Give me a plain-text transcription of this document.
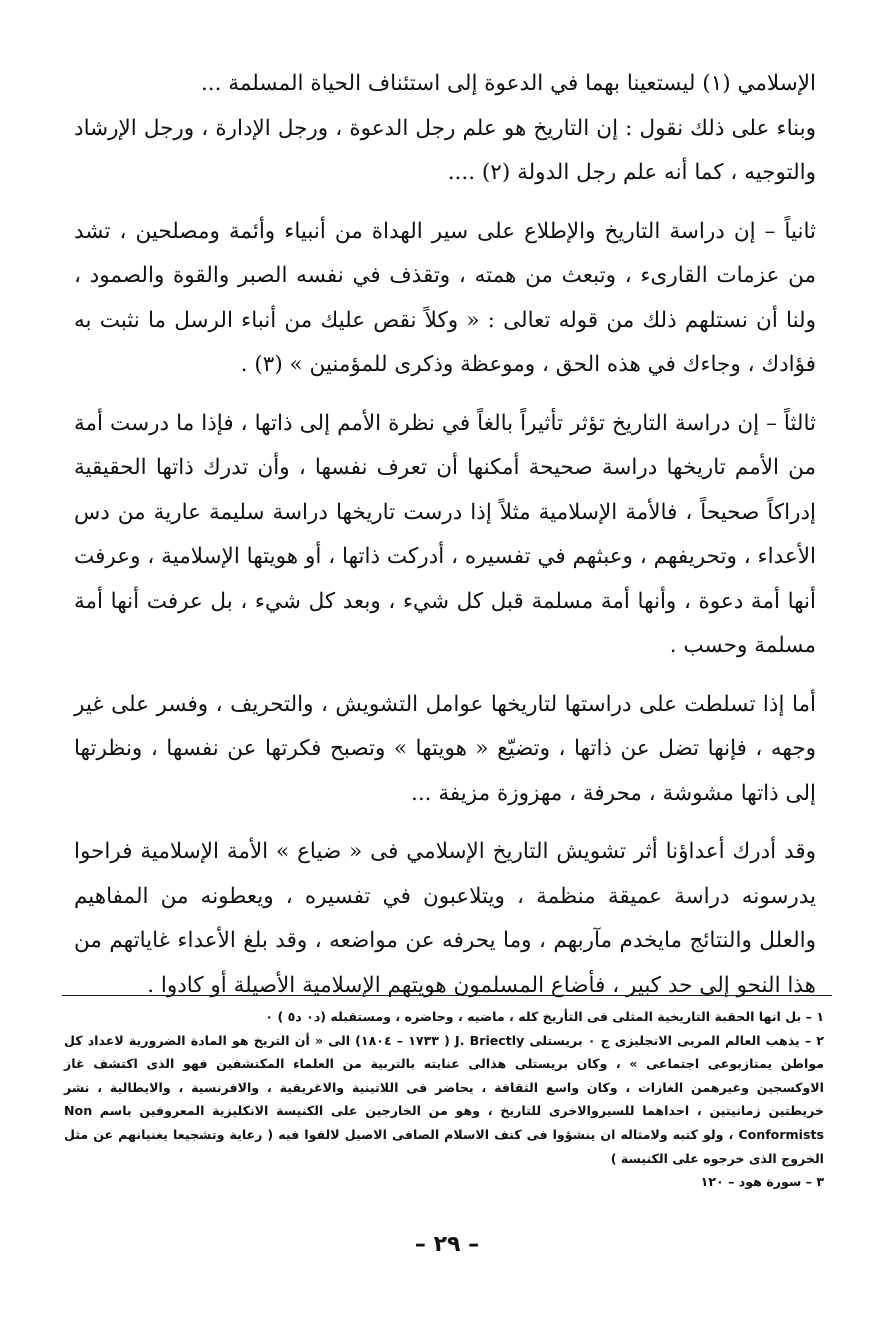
الإسلامي (١) ليستعينا بهما في الدعوة إلى استئناف الحياة المسلمة ...

وبناء على ذلك نقول : إن التاريخ هو علم رجل الدعوة ، ورجل الإدارة ، ورجل الإرشاد والتوجيه ، كما أنه علم رجل الدولة (٢) ....

ثانياً – إن دراسة التاريخ والإطلاع على سير الهداة من أنبياء وأئمة ومصلحين ، تشد من عزمات القارىء ، وتبعث من همته ، وتقذف في نفسه الصبر والقوة والصمود ، ولنا أن نستلهم ذلك من قوله تعالى : « وكلاً نقص عليك من أنباء الرسل ما نثبت به فؤادك ، وجاءك في هذه الحق ، وموعظة وذكرى للمؤمنين » (٣) .

ثالثاً – إن دراسة التاريخ تؤثر تأثيراً بالغاً في نظرة الأمم إلى ذاتها ، فإذا ما درست أمة من الأمم تاريخها دراسة صحيحة أمكنها أن تعرف نفسها ، وأن تدرك ذاتها الحقيقية إدراكاً صحيحاً ، فالأمة الإسلامية مثلاً إذا درست تاريخها دراسة سليمة عارية من دس الأعداء ، وتحريفهم ، وعبثهم في تفسيره ، أدركت ذاتها ، أو هويتها الإسلامية ، وعرفت أنها أمة دعوة ، وأنها أمة مسلمة قبل كل شيء ، وبعد كل شيء ، بل عرفت أنها أمة مسلمة وحسب .

أما إذا تسلطت على دراستها لتاريخها عوامل التشويش ، والتحريف ، وفسر على غير وجهه ، فإنها تضل عن ذاتها ، وتضيّع « هويتها » وتصبح فكرتها عن نفسها ، ونظرتها إلى ذاتها مشوشة ، محرفة ، مهزوزة مزيفة ...

وقد أدرك أعداؤنا أثر تشويش التاريخ الإسلامي فى « ضياع » الأمة الإسلامية فراحوا يدرسونه دراسة عميقة منظمة ، ويتلاعبون في تفسيره ، ويعطونه من المفاهيم والعلل والنتائج مايخدم مآربهم ، وما يحرفه عن مواضعه ، وقد بلغ الأعداء غاياتهم من هذا النحو إلى حد كبير ، فأضاع المسلمون هويتهم الإسلامية الأصيلة أو كادوا .

١ – بل انها الحقبة التاريخية المثلى فى التأريخ كله ، ماضيه ، وحاضره ، ومستقبله (د٠ د٥ ) ٠

٢ – يذهب العالم المربى الانجليزى ج ٠ بريستلى J. Briectly ( ١٧٣٣ – ١٨٠٤) الى « أن التريخ هو المادة الضرورية لاعداد كل مواطن يمتازبوعى اجتماعى » ، وكان بريستلى هذالى عنايته بالتربية من العلماء المكتشفين فهو الذى اكتشف غاز الاوكسجين وغيرهمن الغازات ، وكان واسع الثقافة ، يحاضر فى اللاتينية والاغريقية ، والافرنسية ، والايطالية ، نشر خريطتين زمانيتين ، احداهما للسيروالاخرى للتاريخ ، وهو من الخارجين على الكنيسة الانكليزية المعروفين باسم Non Conformists ، ولو كتبه ولامثاله ان ينشؤوا فى كنف الاسلام الصافى الاصيل لالفوا فيه ( رعاية وتشجيعا يغنيانهم عن مثل الخروج الذى خرجوه على الكنيسة )

٣ – سورة هود – ١٢٠

– ٢٩ –
